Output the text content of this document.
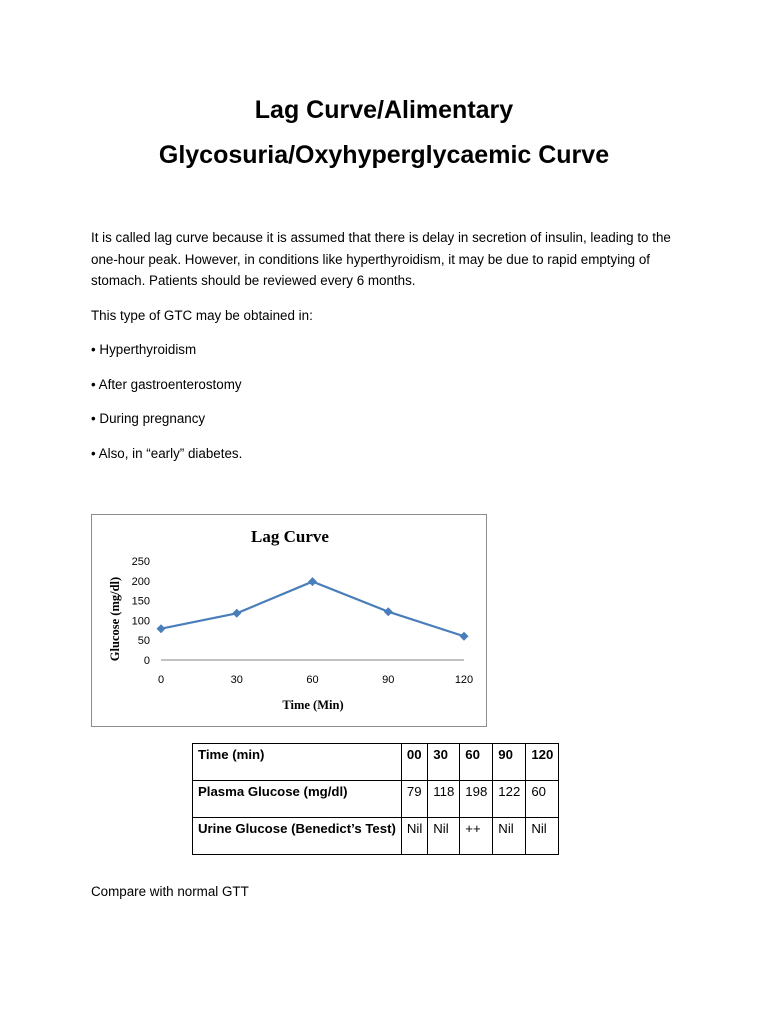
Lag Curve/Alimentary
Glycosuria/Oxyhyperglycaemic Curve
It is called lag curve because it is assumed that there is delay in secretion of insulin, leading to the one-hour peak. However, in conditions like hyperthyroidism, it may be due to rapid emptying of stomach. Patients should be reviewed every 6 months.
This type of GTC may be obtained in:
• Hyperthyroidism
• After gastroenterostomy
• During pregnancy
• Also, in “early” diabetes.
Lag Curve
Glucose (mg/dl)
Time (Min)
250
200
150
100
50
0
0	30	60	90	120
Time (min)	00	30	60	90	120
Plasma Glucose (mg/dl)	79	118	198	122	60
Urine Glucose (Benedict’s Test)	Nil	Nil	++	Nil	Nil
Compare with normal GTT
